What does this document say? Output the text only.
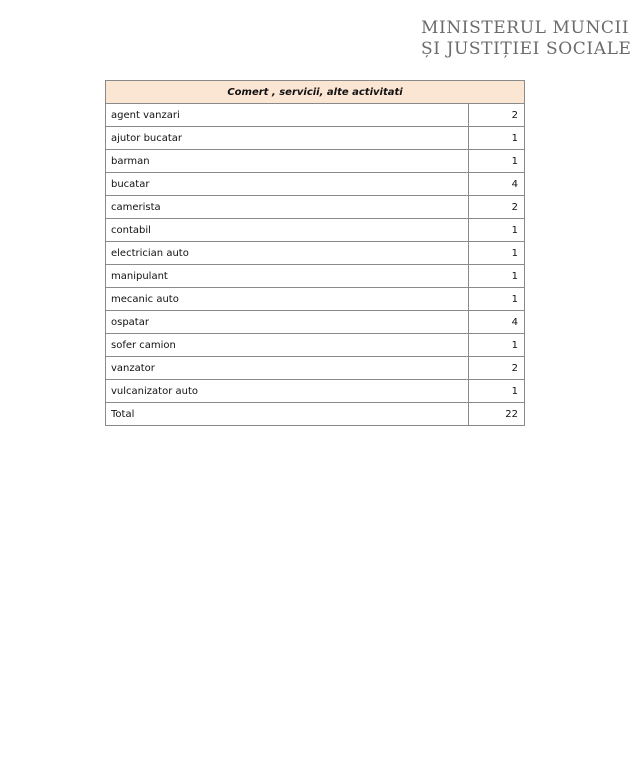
MINISTERUL MUNCII
ȘI JUSTIȚIEI SOCIALE
Comert , servicii, alte activitati	
agent vanzari	2
ajutor bucatar	1
barman	1
bucatar	4
camerista	2
contabil	1
electrician auto	1
manipulant	1
mecanic auto	1
ospatar	4
sofer camion	1
vanzator	2
vulcanizator auto	1
Total	22
